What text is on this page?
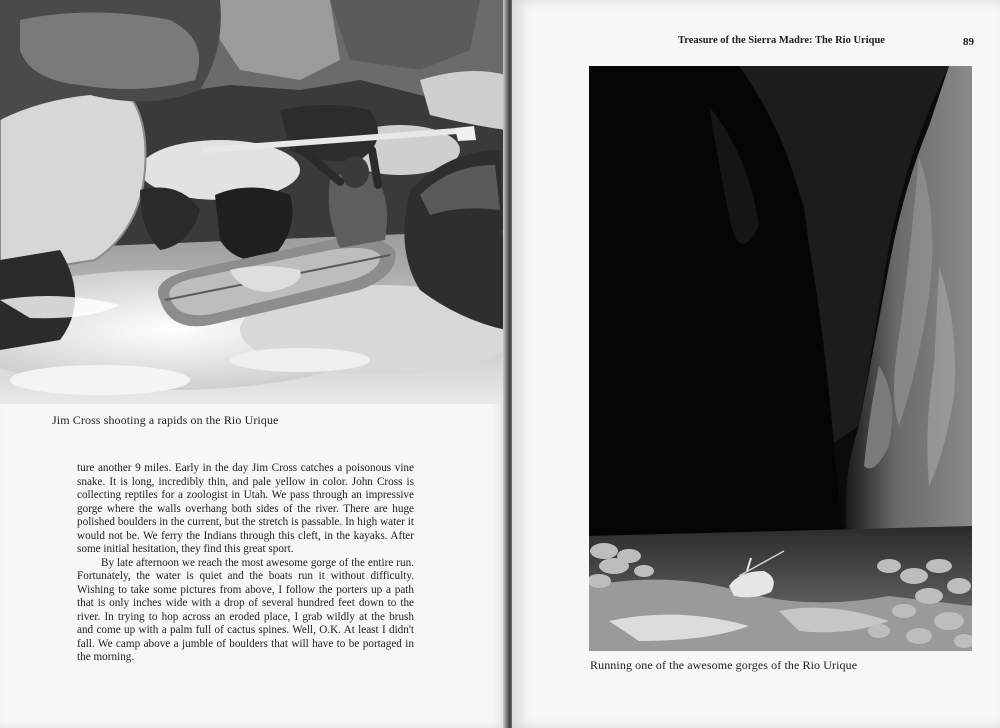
Jim Cross shooting a rapids on the Rio Urique

ture another 9 miles. Early in the day Jim Cross catches a poisonous vine snake. It is long, incredibly thin, and pale yellow in color. John Cross is collecting reptiles for a zoologist in Utah. We pass through an impressive gorge where the walls overhang both sides of the river. There are huge polished boulders in the current, but the stretch is passable. In high water it would not be. We ferry the Indians through this cleft, in the kayaks. After some initial hesitation, they find this great sport.

By late afternoon we reach the most awesome gorge of the entire run. Fortunately, the water is quiet and the boats run it without difficulty. Wishing to take some pictures from above, I follow the porters up a path that is only inches wide with a drop of several hundred feet down to the river. In trying to hop across an eroded place, I grab wildly at the brush and come up with a palm full of cactus spines. Well, O.K. At least I didn't fall. We camp above a jumble of boulders that will have to be portaged in the morning.

Treasure of the Sierra Madre: The Rio Urique	89
Running one of the awesome gorges of the Rio Urique
